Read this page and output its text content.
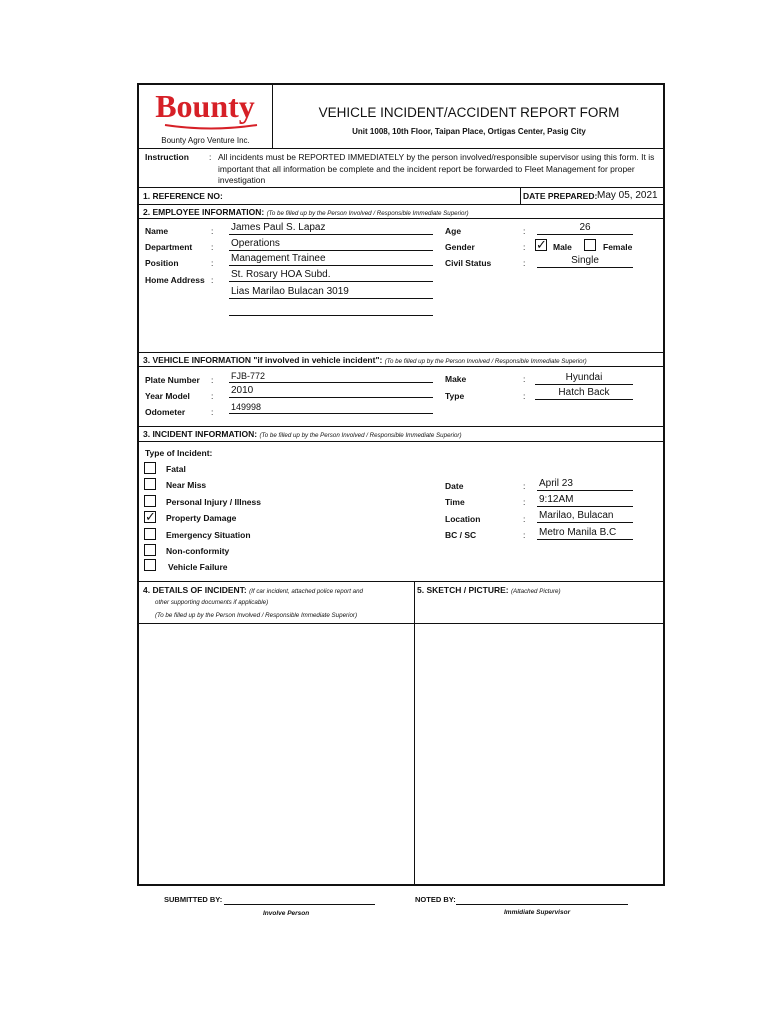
Bounty
Bounty Agro Venture Inc.
VEHICLE INCIDENT/ACCIDENT REPORT FORM
Unit 1008, 10th Floor, Taipan Place, Ortigas Center, Pasig City
Instruction : All incidents must be REPORTED IMMEDIATELY by the person involved/responsible supervisor using this form. It is important that all information be complete and the incident report be forwarded to Fleet Management for proper investigation
1. REFERENCE NO:	DATE PREPARED: May 05, 2021
2. EMPLOYEE INFORMATION: (To be filled up by the Person Involved / Responsible Immediate Superior)
Name	: James Paul S. Lapaz
Department : Operations
Position	: Management Trainee
Home Address : St. Rosary HOA Subd.
Lias Marilao Bulacan 3019
Age	:	26
Gender	: ✓ Male	Female
Civil Status	:	Single
3. VEHICLE INFORMATION "if involved in vehicle incident": (To be filled up by the Person Involved / Responsible Immediate Superior)
Plate Number : FJB-772
Year Model : 2010
Odometer	: 149998
Make	:	Hyundai
Type	:	Hatch Back
3. INCIDENT INFORMATION: (To be filled up by the Person Involved / Responsible Immediate Superior)
Type of Incident:
Fatal
Near Miss
Personal Injury / Illness
✓ Property Damage
Emergency Situation
Non-conformity
Vehicle Failure
Date	: April 23
Time	: 9:12AM
Location	: Marilao, Bulacan
BC / SC	: Metro Manila B.C
4. DETAILS OF INCIDENT: (If car incident, attached police report and
other supporting documents if applicable)
(To be filled up by the Person Involved / Responsible Immediate Superior)
5. SKETCH / PICTURE: (Attached Picture)
SUBMITTED BY:
Involve Person
NOTED BY:
Immidiate Supervisor
